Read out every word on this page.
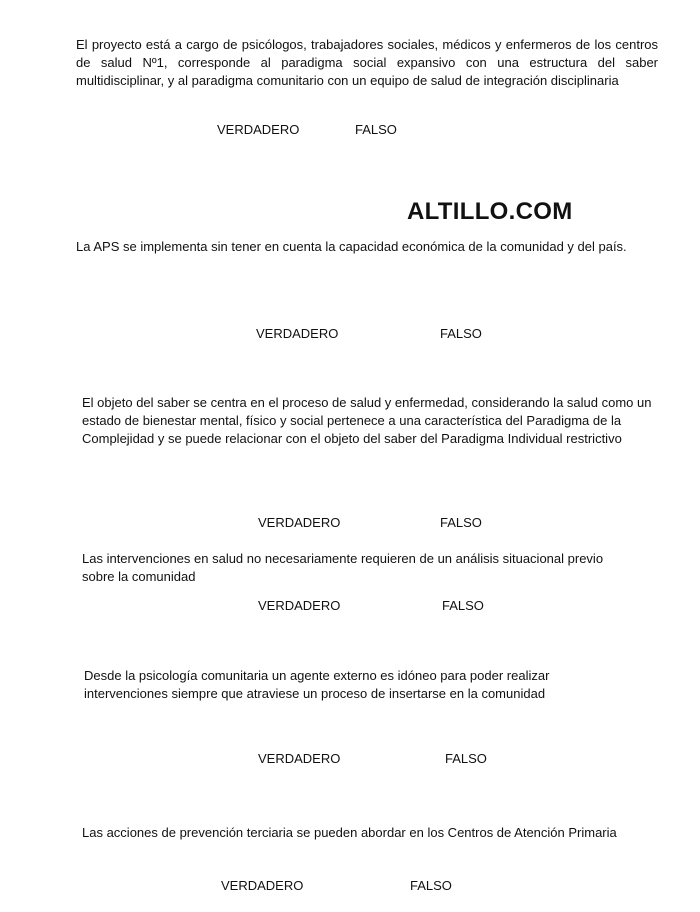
El proyecto está a cargo de psicólogos, trabajadores sociales, médicos y enfermeros de los centros de salud Nº1, corresponde al paradigma social expansivo con una estructura del saber multidisciplinar, y al paradigma comunitario con un equipo de salud de integración disciplinaria

VERDADERO	FALSO
ALTILLO.COM

La APS se implementa sin tener en cuenta la capacidad económica de la comunidad y del país.

VERDADERO	FALSO

El objeto del saber se centra en el proceso de salud y enfermedad, considerando la salud como un estado de bienestar mental, físico y social pertenece a una característica del Paradigma de la Complejidad y se puede relacionar con el objeto del saber del Paradigma Individual restrictivo

VERDADERO	FALSO

Las intervenciones en salud no necesariamente requieren de un análisis situacional previo sobre la comunidad

VERDADERO	FALSO

Desde la psicología comunitaria un agente externo es idóneo para poder realizar intervenciones siempre que atraviese un proceso de insertarse en la comunidad

VERDADERO	FALSO

Las acciones de prevención terciaria se pueden abordar en los Centros de Atención Primaria

VERDADERO	FALSO
